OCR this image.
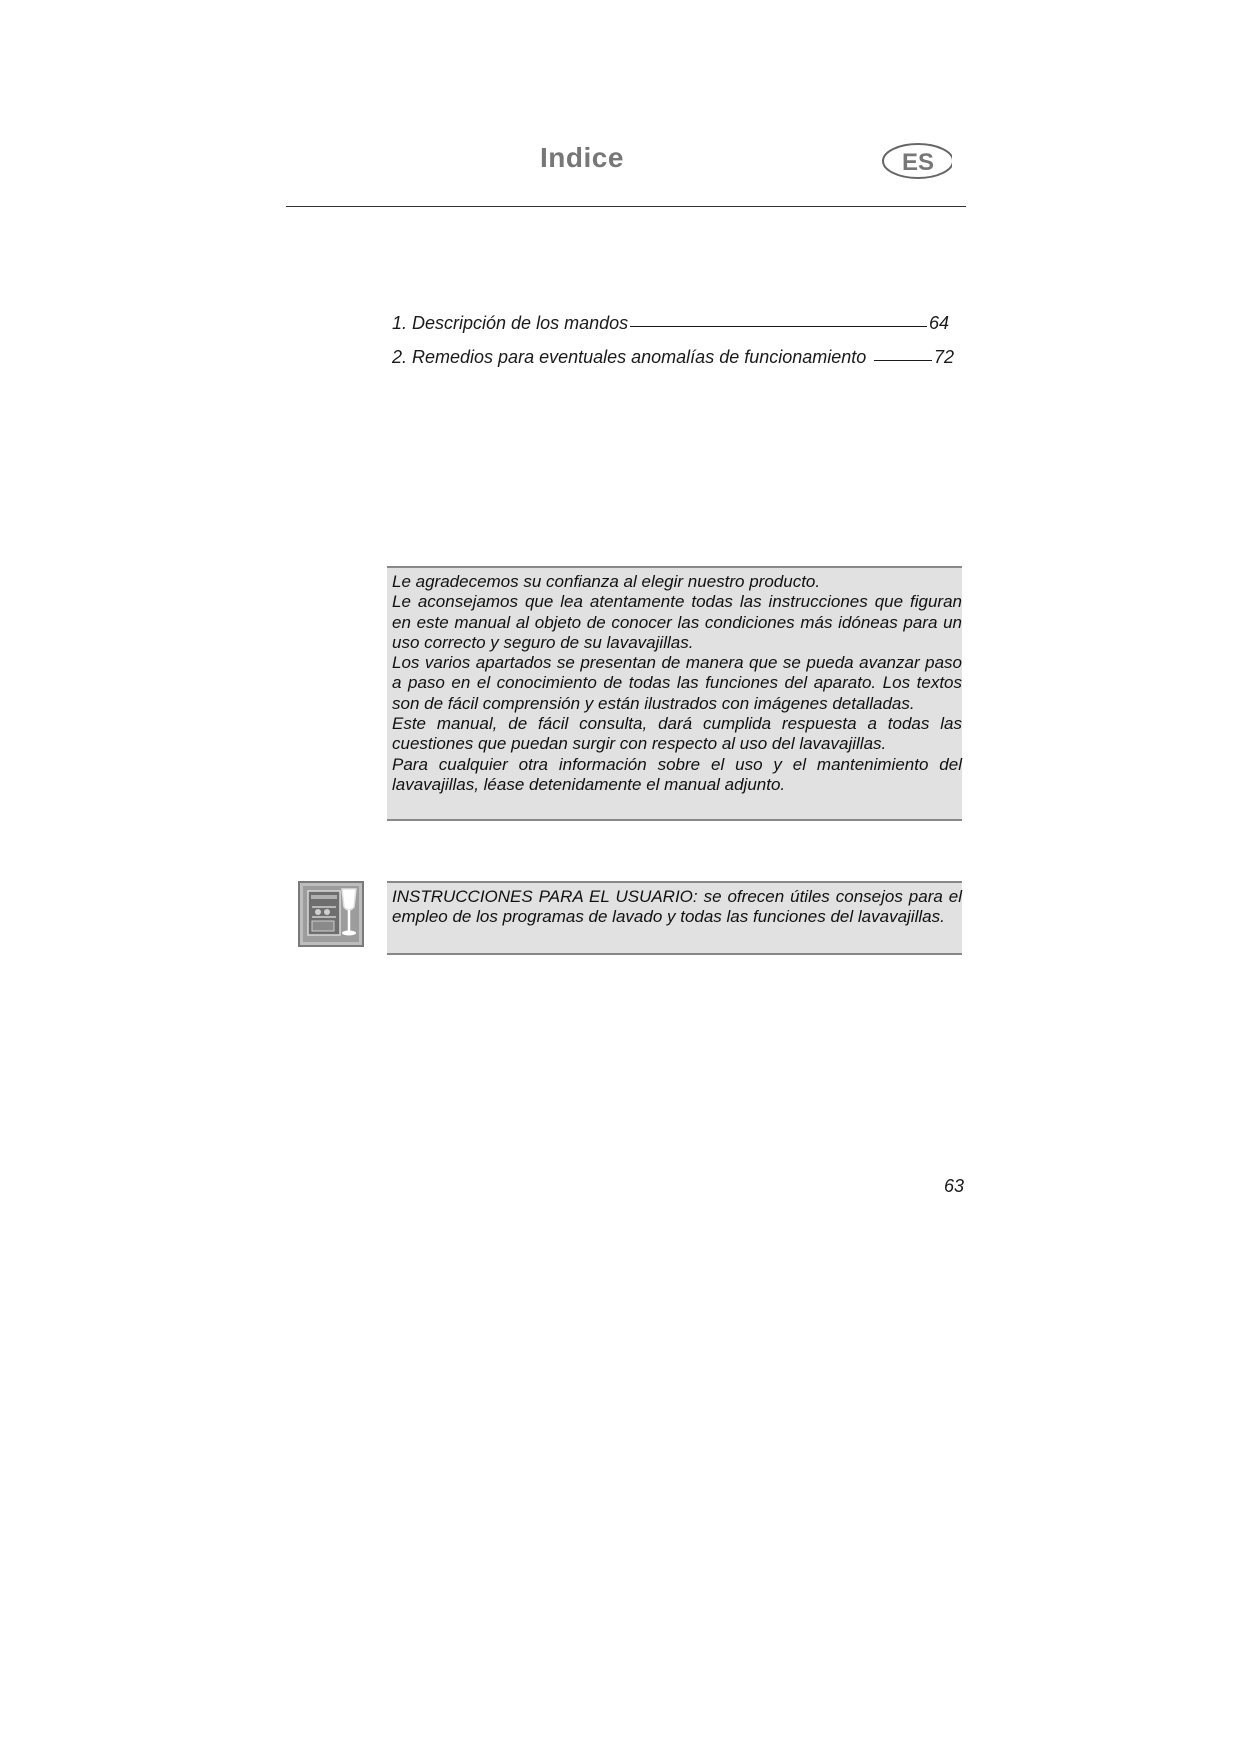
Indice	ES
1. Descripción de los mandos	64
2. Remedios para eventuales anomalías de funcionamiento	72

Le agradecemos su confianza al elegir nuestro producto.

Le aconsejamos que lea atentamente todas las instrucciones que figuran en este manual al objeto de conocer las condiciones más idóneas para un uso correcto y seguro de su lavavajillas.

Los varios apartados se presentan de manera que se pueda avanzar paso a paso en el conocimiento de todas las funciones del aparato. Los textos son de fácil comprensión y están ilustrados con imágenes detalladas.

Este manual, de fácil consulta, dará cumplida respuesta a todas las cuestiones que puedan surgir con respecto al uso del lavavajillas.

Para cualquier otra información sobre el uso y el mantenimiento del lavavajillas, léase detenidamente el manual adjunto.

INSTRUCCIONES PARA EL USUARIO: se ofrecen útiles consejos para el empleo de los programas de lavado y todas las funciones del lavavajillas.

63
